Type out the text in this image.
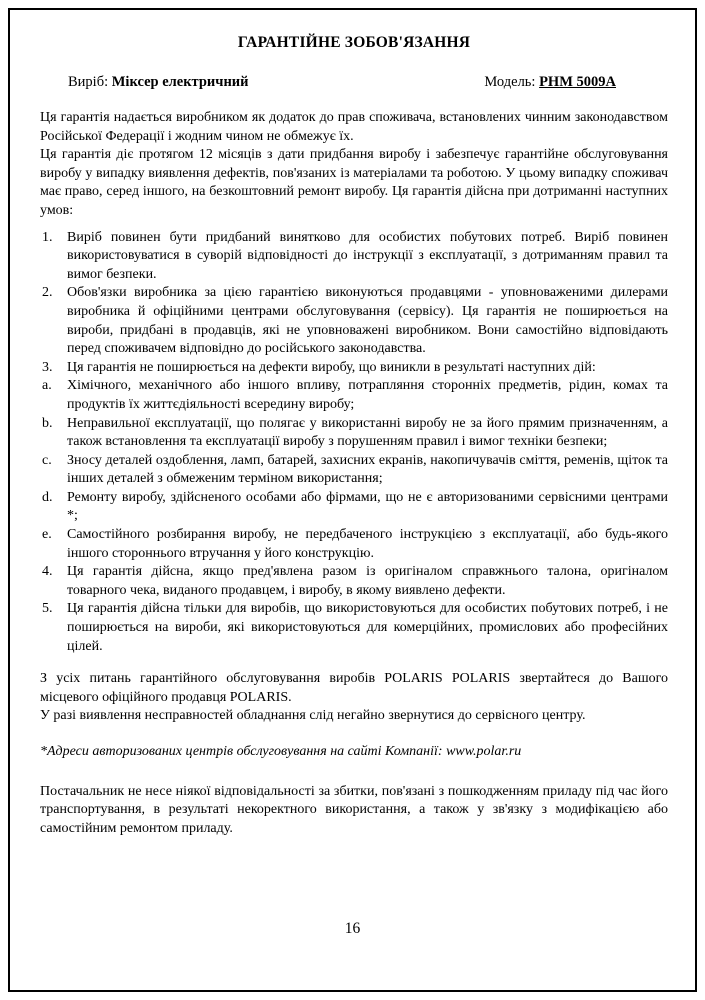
ГАРАНТІЙНЕ ЗОБОВ'ЯЗАННЯ
Виріб: Міксер електричний	Модель: РНМ 5009А

Ця гарантія надається виробником як додаток до прав споживача, встановлених чинним законодавством Російської Федерації і жодним чином не обмежує їх.

Ця гарантія діє протягом 12 місяців з дати придбання виробу і забезпечує гарантійне обслуговування виробу у випадку виявлення дефектів, пов'язаних із матеріалами та роботою. У цьому випадку споживач має право, серед іншого, на безкоштовний ремонт виробу. Ця гарантія дійсна при дотриманні наступних умов:

1. Виріб повинен бути придбаний винятково для особистих побутових потреб. Виріб повинен використовуватися в суворій відповідності до інструкції з експлуатації, з дотриманням правил та вимог безпеки.
2. Обов'язки виробника за цією гарантією виконуються продавцями - уповноваженими дилерами виробника й офіційними центрами обслуговування (сервісу). Ця гарантія не поширюється на вироби, придбані в продавців, які не уповноважені виробником. Вони самостійно відповідають перед споживачем відповідно до російського законодавства.
3. Ця гарантія не поширюється на дефекти виробу, що виникли в результаті наступних дій:
a. Хімічного, механічного або іншого впливу, потрапляння сторонніх предметів, рідин, комах та продуктів їх життєдіяльності всередину виробу;
b. Неправильної експлуатації, що полягає у використанні виробу не за його прямим призначенням, а також встановлення та експлуатації виробу з порушенням правил і вимог техніки безпеки;
c. Зносу деталей оздоблення, ламп, батарей, захисних екранів, накопичувачів сміття, ременів, щіток та інших деталей з обмеженим терміном використання;
d. Ремонту виробу, здійсненого особами або фірмами, що не є авторизованими сервісними центрами *;
e. Самостійного розбирання виробу, не передбаченого інструкцією з експлуатації, або будь-якого іншого стороннього втручання у його конструкцію.
4. Ця гарантія дійсна, якщо пред'явлена разом із оригіналом справжнього талона, оригіналом товарного чека, виданого продавцем, і виробу, в якому виявлено дефекти.
5. Ця гарантія дійсна тільки для виробів, що використовуються для особистих побутових потреб, і не поширюється на вироби, які використовуються для комерційних, промислових або професійних цілей.

З усіх питань гарантійного обслуговування виробів POLARIS POLARIS звертайтеся до Вашого місцевого офіційного продавця POLARIS.

У разі виявлення несправностей обладнання слід негайно звернутися до сервісного центру.

*Адреси авторизованих центрів обслуговування на сайті Компанії: www.polar.ru

Постачальник не несе ніякої відповідальності за збитки, пов'язані з пошкодженням приладу під час його транспортування, в результаті некоректного використання, а також у зв'язку з модифікацією або самостійним ремонтом приладу.

16
